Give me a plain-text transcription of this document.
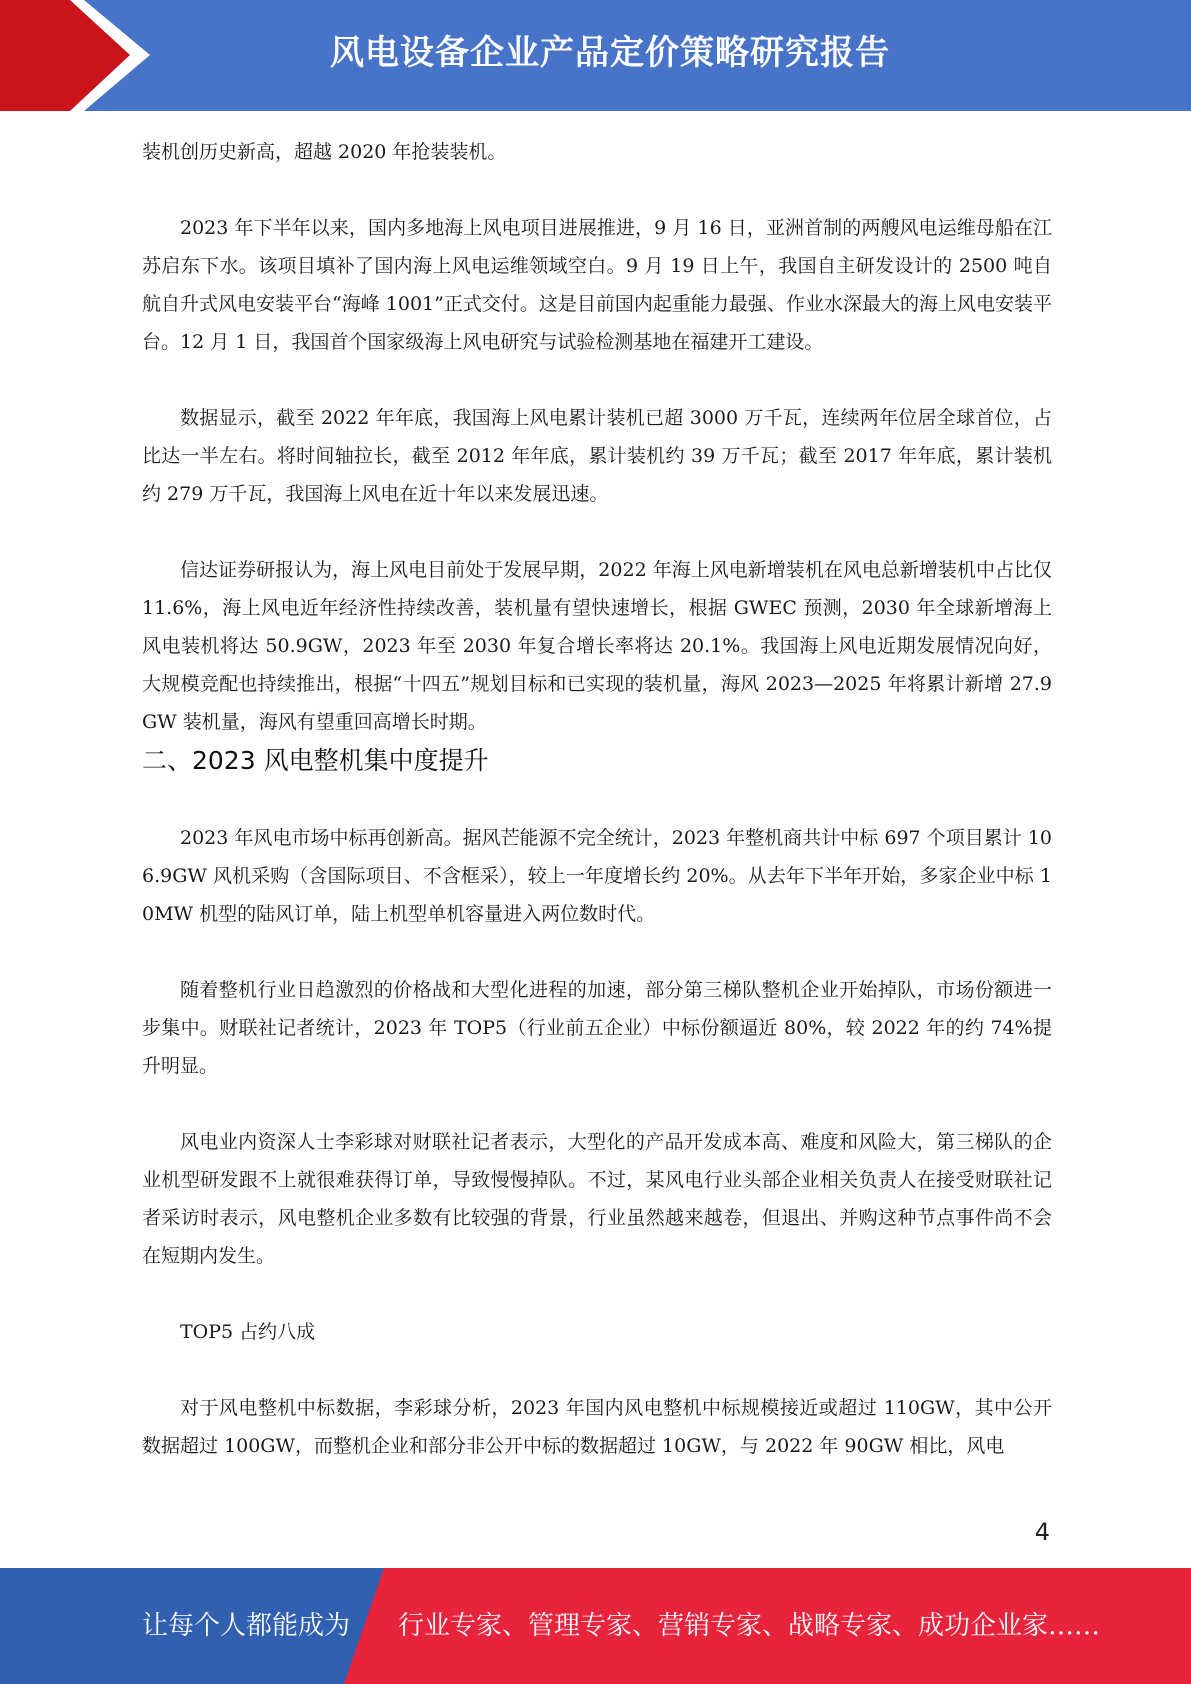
风电设备企业产品定价策略研究报告

装机创历史新高，超越 2020 年抢装装机。

2023 年下半年以来，国内多地海上风电项目进展推进，9 月 16 日，亚洲首制的两艘风电运维母船在江苏启东下水。该项目填补了国内海上风电运维领域空白。9 月 19 日上午，我国自主研发设计的 2500 吨自航自升式风电安装平台“海峰 1001”正式交付。这是目前国内起重能力最强、作业水深最大的海上风电安装平台。12 月 1 日，我国首个国家级海上风电研究与试验检测基地在福建开工建设。

数据显示，截至 2022 年年底，我国海上风电累计装机已超 3000 万千瓦，连续两年位居全球首位，占比达一半左右。将时间轴拉长，截至 2012 年年底，累计装机约 39 万千瓦；截至 2017 年年底，累计装机约 279 万千瓦，我国海上风电在近十年以来发展迅速。

信达证券研报认为，海上风电目前处于发展早期，2022 年海上风电新增装机在风电总新增装机中占比仅 11.6%，海上风电近年经济性持续改善，装机量有望快速增长，根据 GWEC 预测，2030 年全球新增海上风电装机将达 50.9GW，2023 年至 2030 年复合增长率将达 20.1%。我国海上风电近期发展情况向好，大规模竞配也持续推出，根据“十四五”规划目标和已实现的装机量，海风 2023—2025 年将累计新增 27.9GW 装机量，海风有望重回高增长时期。

二、2023 风电整机集中度提升

2023 年风电市场中标再创新高。据风芒能源不完全统计，2023 年整机商共计中标 697 个项目累计 106.9GW 风机采购（含国际项目、不含框采），较上一年度增长约 20%。从去年下半年开始，多家企业中标 10MW 机型的陆风订单，陆上机型单机容量进入两位数时代。

随着整机行业日趋激烈的价格战和大型化进程的加速，部分第三梯队整机企业开始掉队，市场份额进一步集中。财联社记者统计，2023 年 TOP5（行业前五企业）中标份额逼近 80%，较 2022 年的约 74%提升明显。

风电业内资深人士李彩球对财联社记者表示，大型化的产品开发成本高、难度和风险大，第三梯队的企业机型研发跟不上就很难获得订单，导致慢慢掉队。不过，某风电行业头部企业相关负责人在接受财联社记者采访时表示，风电整机企业多数有比较强的背景，行业虽然越来越卷，但退出、并购这种节点事件尚不会在短期内发生。

TOP5 占约八成

对于风电整机中标数据，李彩球分析，2023 年国内风电整机中标规模接近或超过 110GW，其中公开数据超过 100GW，而整机企业和部分非公开中标的数据超过 10GW，与 2022 年 90GW 相比，风电

4
让每个人都能成为 行业专家、管理专家、营销专家、战略专家、成功企业家……
